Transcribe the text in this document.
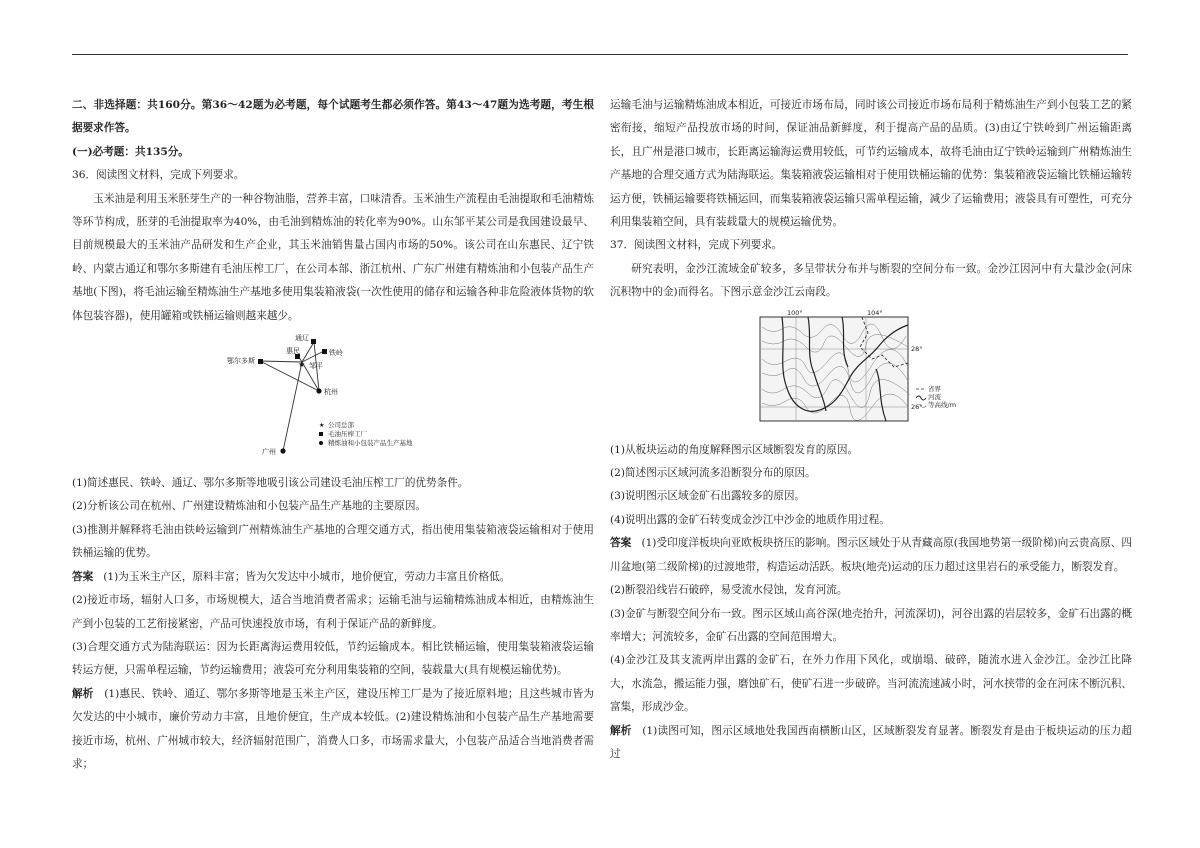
二、非选择题：共160分。第36～42题为必考题，每个试题考生都必须作答。第43～47题为选考题，考生根据要求作答。

(一)必考题：共135分。

36．阅读图文材料，完成下列要求。

玉米油是利用玉米胚芽生产的一种谷物油脂，营养丰富，口味清香。玉米油生产流程由毛油提取和毛油精炼等环节构成，胚芽的毛油提取率为40%，由毛油到精炼油的转化率为90%。山东邹平某公司是我国建设最早、目前规模最大的玉米油产品研发和生产企业，其玉米油销售量占国内市场的50%。该公司在山东惠民、辽宁铁岭、内蒙古通辽和鄂尔多斯建有毛油压榨工厂，在公司本部、浙江杭州、广东广州建有精炼油和小包装产品生产基地(下图)，将毛油运输至精炼油生产基地多使用集装箱液袋(一次性使用的储存和运输各种非危险液体货物的软体包装容器)，使用罐箱或铁桶运输则越来越少。

★
通辽
铁岭
鄂尔多斯
惠民
邹平
杭州
广州
★ 公司总部
毛油压榨工厂
精炼油和小包装产品生产基地

(1)简述惠民、铁岭、通辽、鄂尔多斯等地吸引该公司建设毛油压榨工厂的优势条件。

(2)分析该公司在杭州、广州建设精炼油和小包装产品生产基地的主要原因。

(3)推测并解释将毛油由铁岭运输到广州精炼油生产基地的合理交通方式，指出使用集装箱液袋运输相对于使用铁桶运输的优势。

答案 (1)为玉米主产区，原料丰富；皆为欠发达中小城市，地价便宜，劳动力丰富且价格低。

(2)接近市场，辐射人口多，市场规模大，适合当地消费者需求；运输毛油与运输精炼油成本相近，由精炼油生产到小包装的工艺衔接紧密，产品可快速投放市场，有利于保证产品的新鲜度。

(3)合理交通方式为陆海联运：因为长距离海运费用较低，节约运输成本。相比铁桶运输，使用集装箱液袋运输转运方便，只需单程运输，节约运输费用；液袋可充分利用集装箱的空间，装载量大(具有规模运输优势)。

解析 (1)惠民、铁岭、通辽、鄂尔多斯等地是玉米主产区，建设压榨工厂是为了接近原料地；且这些城市皆为欠发达的中小城市，廉价劳动力丰富，且地价便宜，生产成本较低。(2)建设精炼油和小包装产品生产基地需要接近市场，杭州、广州城市较大，经济辐射范围广，消费人口多，市场需求量大，小包装产品适合当地消费者需求；

运输毛油与运输精炼油成本相近，可接近市场布局，同时该公司接近市场布局利于精炼油生产到小包装工艺的紧密衔接，缩短产品投放市场的时间，保证油品新鲜度，利于提高产品的品质。(3)由辽宁铁岭到广州运输距离长，且广州是港口城市，长距离运输海运费用较低，可节约运输成本，故将毛油由辽宁铁岭运输到广州精炼油生产基地的合理交通方式为陆海联运。集装箱液袋运输相对于使用铁桶运输的优势：集装箱液袋运输比铁桶运输转运方便，铁桶运输要将铁桶运回，而集装箱液袋运输只需单程运输，减少了运输费用；液袋具有可塑性，可充分利用集装箱空间，具有装载量大的规模运输优势。

37．阅读图文材料，完成下列要求。

研究表明，金沙江流域金矿较多，多呈带状分布并与断裂的空间分布一致。金沙江因河中有大量沙金(河床沉积物中的金)而得名。下图示意金沙江云南段。

100°	104°
28°
26°
省界
河流
等高线/m

(1)从板块运动的角度解释图示区域断裂发育的原因。

(2)简述图示区域河流多沿断裂分布的原因。

(3)说明图示区域金矿石出露较多的原因。

(4)说明出露的金矿石转变成金沙江中沙金的地质作用过程。

答案 (1)受印度洋板块向亚欧板块挤压的影响。图示区域处于从青藏高原(我国地势第一级阶梯)向云贵高原、四川盆地(第二级阶梯)的过渡地带，构造运动活跃。板块(地壳)运动的压力超过这里岩石的承受能力，断裂发育。

(2)断裂沿线岩石破碎，易受流水侵蚀，发育河流。

(3)金矿与断裂空间分布一致。图示区域山高谷深(地壳抬升，河流深切)，河谷出露的岩层较多，金矿石出露的概率增大；河流较多，金矿石出露的空间范围增大。

(4)金沙江及其支流两岸出露的金矿石，在外力作用下风化，或崩塌、破碎，随流水进入金沙江。金沙江比降大，水流急，搬运能力强，磨蚀矿石，使矿石进一步破碎。当河流流速减小时，河水挟带的金在河床不断沉积、富集，形成沙金。

解析 (1)读图可知，图示区域地处我国西南横断山区，区域断裂发育显著。断裂发育是由于板块运动的压力超过
